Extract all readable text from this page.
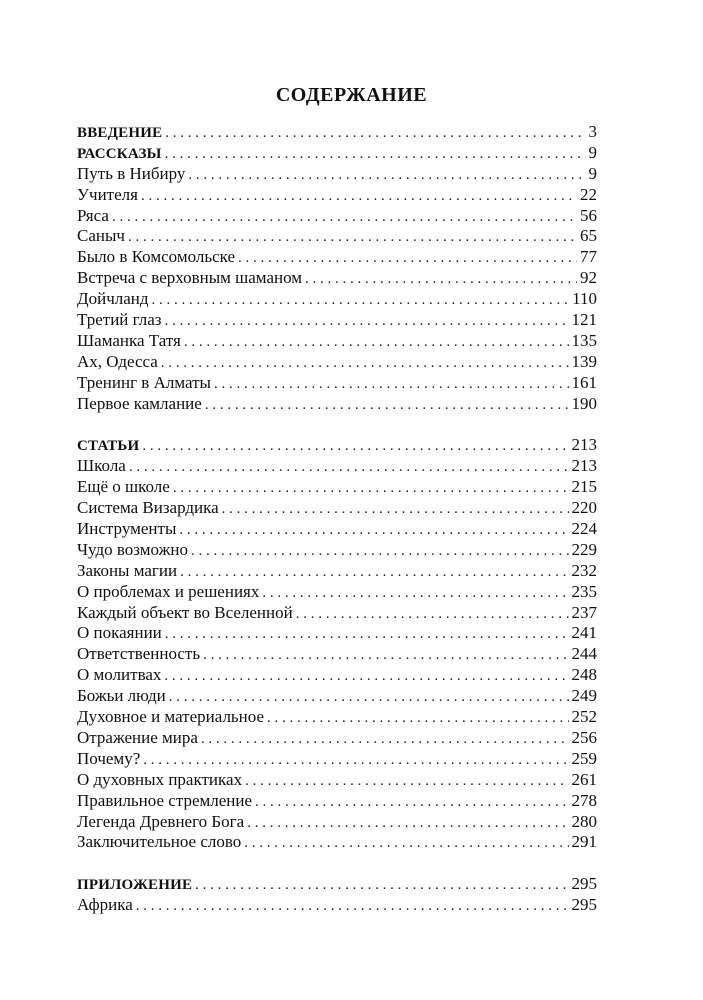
СОДЕРЖАНИЕ
ВВЕДЕНИЕ . . .	3
РАССКАЗЫ . . .	9
Путь в Нибиру . . .	9
Учителя . . .	22
Ряса . . .	56
Саныч . . .	65
Было в Комсомольске . . .	77
Встреча с верховным шаманом . . .	92
Дойчланд . . .	110
Третий глаз . . .	121
Шаманка Татя . . .	135
Ах, Одесса . . .	139
Тренинг в Алматы . . .	161
Первое камлание . . .	190
СТАТЬИ . . .	213
Школа . . .	213
Ещё о школе . . .	215
Система Визардика . . .	220
Инструменты . . .	224
Чудо возможно . . .	229
Законы магии . . .	232
О проблемах и решениях . . .	235
Каждый объект во Вселенной . . .	237
О покаянии . . .	241
Ответственность . . .	244
О молитвах . . .	248
Божьи люди . . .	249
Духовное и материальное . . .	252
Отражение мира . . .	256
Почему? . . .	259
О духовных практиках . . .	261
Правильное стремление . . .	278
Легенда Древнего Бога . . .	280
Заключительное слово . . .	291
ПРИЛОЖЕНИЕ . . .	295
Африка . . .	295
